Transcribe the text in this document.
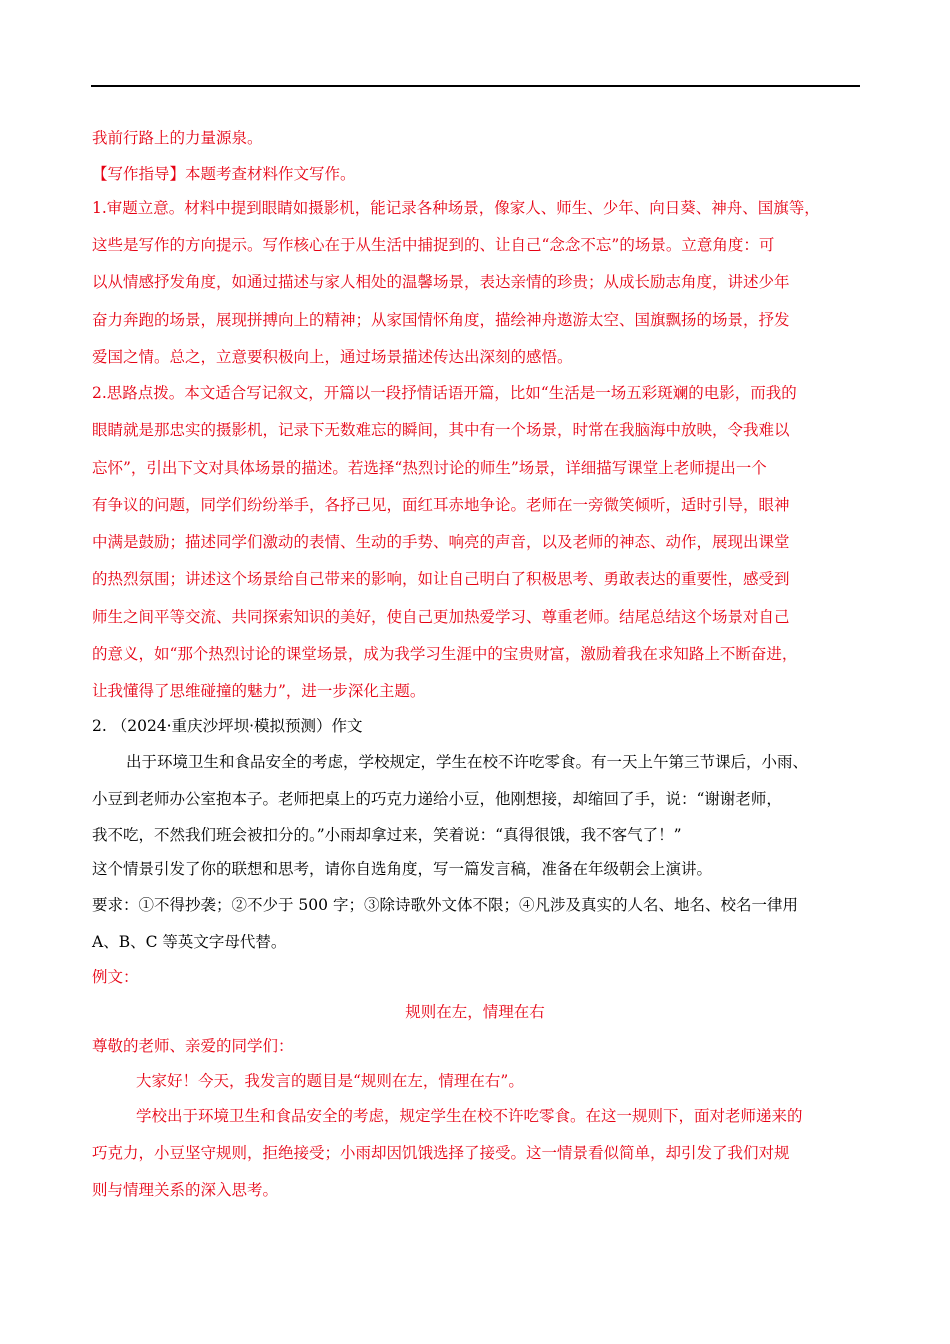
我前行路上的力量源泉。
【写作指导】本题考查材料作文写作。
1.审题立意。材料中提到眼睛如摄影机，能记录各种场景，像家人、师生、少年、向日葵、神舟、国旗等，
这些是写作的方向提示。写作核心在于从生活中捕捉到的、让自己“念念不忘”的场景。立意角度：可
以从情感抒发角度，如通过描述与家人相处的温馨场景，表达亲情的珍贵；从成长励志角度，讲述少年
奋力奔跑的场景，展现拼搏向上的精神；从家国情怀角度，描绘神舟遨游太空、国旗飘扬的场景，抒发
爱国之情。总之，立意要积极向上，通过场景描述传达出深刻的感悟。
2.思路点拨。本文适合写记叙文，开篇以一段抒情话语开篇，比如“生活是一场五彩斑斓的电影，而我的
眼睛就是那忠实的摄影机，记录下无数难忘的瞬间，其中有一个场景，时常在我脑海中放映，令我难以
忘怀”，引出下文对具体场景的描述。若选择“热烈讨论的师生”场景，详细描写课堂上老师提出一个
有争议的问题，同学们纷纷举手，各抒己见，面红耳赤地争论。老师在一旁微笑倾听，适时引导，眼神
中满是鼓励；描述同学们激动的表情、生动的手势、响亮的声音，以及老师的神态、动作，展现出课堂
的热烈氛围；讲述这个场景给自己带来的影响，如让自己明白了积极思考、勇敢表达的重要性，感受到
师生之间平等交流、共同探索知识的美好，使自己更加热爱学习、尊重老师。结尾总结这个场景对自己
的意义，如“那个热烈讨论的课堂场景，成为我学习生涯中的宝贵财富，激励着我在求知路上不断奋进，
让我懂得了思维碰撞的魅力”，进一步深化主题。
2. （2024·重庆沙坪坝·模拟预测）作文
出于环境卫生和食品安全的考虑，学校规定，学生在校不许吃零食。有一天上午第三节课后，小雨、
小豆到老师办公室抱本子。老师把桌上的巧克力递给小豆，他刚想接，却缩回了手，说：“谢谢老师，
我不吃，不然我们班会被扣分的。”小雨却拿过来，笑着说：“真得很饿，我不客气了！”
这个情景引发了你的联想和思考，请你自选角度，写一篇发言稿，准备在年级朝会上演讲。
要求：①不得抄袭；②不少于 500 字；③除诗歌外文体不限；④凡涉及真实的人名、地名、校名一律用
A、B、C 等英文字母代替。
例文：
规则在左，情理在右
尊敬的老师、亲爱的同学们：
大家好！今天，我发言的题目是“规则在左，情理在右”。
学校出于环境卫生和食品安全的考虑，规定学生在校不许吃零食。在这一规则下，面对老师递来的
巧克力，小豆坚守规则，拒绝接受；小雨却因饥饿选择了接受。这一情景看似简单，却引发了我们对规
则与情理关系的深入思考。
